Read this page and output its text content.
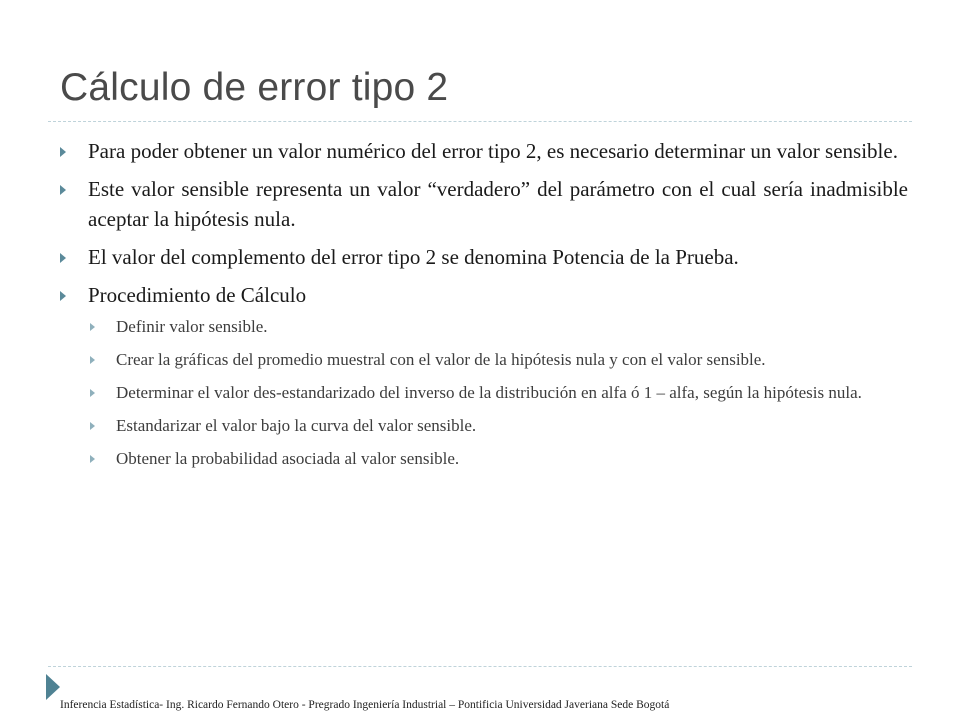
Cálculo de error tipo 2
Para poder obtener un valor numérico del error tipo 2, es necesario determinar un valor sensible.
Este valor sensible representa un valor “verdadero” del parámetro con el cual sería inadmisible aceptar la hipótesis nula.
El valor del complemento del error tipo 2 se denomina Potencia de la Prueba.
Procedimiento de Cálculo
Definir valor sensible.
Crear la gráficas del promedio muestral con el valor de la hipótesis nula y con el valor sensible.
Determinar el valor des-estandarizado del inverso de la distribución en alfa ó 1 – alfa, según la hipótesis nula.
Estandarizar el valor bajo la curva del valor sensible.
Obtener la probabilidad asociada al valor sensible.
Inferencia Estadística- Ing. Ricardo Fernando Otero - Pregrado Ingeniería Industrial – Pontificia Universidad Javeriana Sede Bogotá
